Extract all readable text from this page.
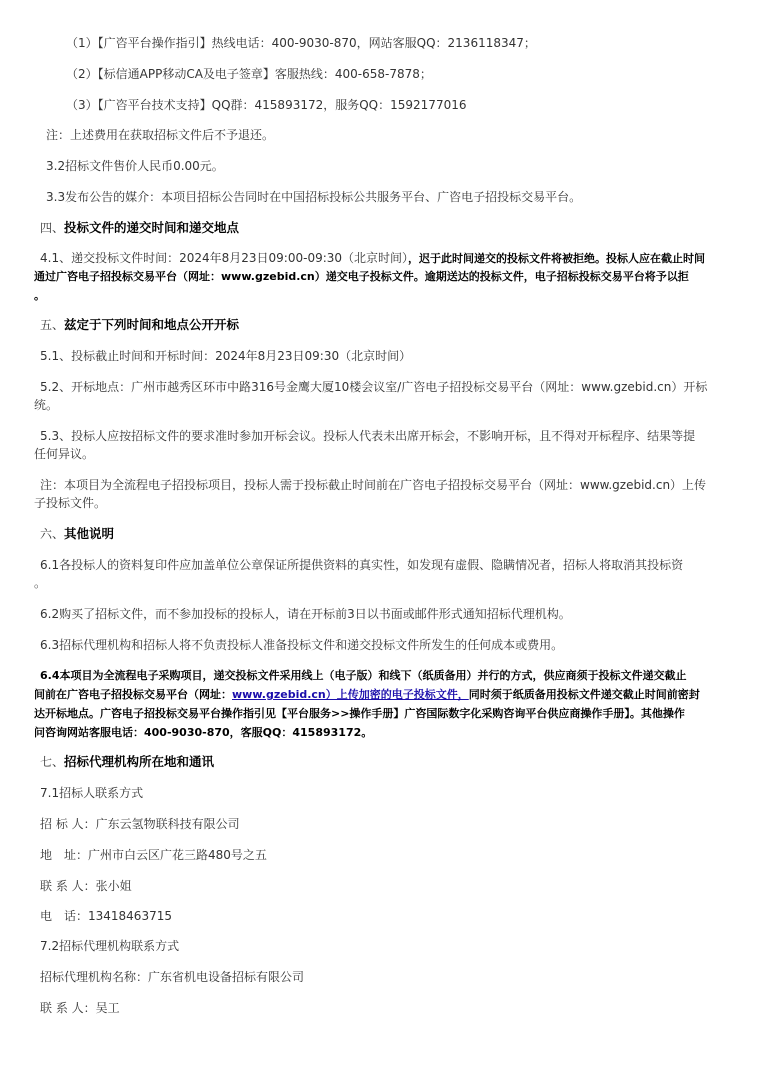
（1）【广咨平台操作指引】热线电话：400-9030-870，网站客服QQ：2136118347；
（2）【标信通APP移动CA及电子签章】客服热线：400-658-7878；
（3）【广咨平台技术支持】QQ群：415893172，服务QQ：1592177016
注：上述费用在获取招标文件后不予退还。
3.2招标文件售价人民币0.00元。
3.3发布公告的媒介：本项目招标公告同时在中国招标投标公共服务平台、广咨电子招投标交易平台。
四、投标文件的递交时间和递交地点
4.1、递交投标文件时间：2024年8月23日09:00-09:30（北京时间），迟于此时间递交的投标文件将被拒绝。投标人应在截止时间
通过广咨电子招投标交易平台（网址：www.gzebid.cn）递交电子投标文件。逾期送达的投标文件，电子招标投标交易平台将予以拒
。
五、兹定于下列时间和地点公开开标
5.1、投标截止时间和开标时间：2024年8月23日09:30（北京时间）
5.2、开标地点：广州市越秀区环市中路316号金鹰大厦10楼会议室/广咨电子招投标交易平台（网址：www.gzebid.cn）开标
统。
5.3、投标人应按招标文件的要求准时参加开标会议。投标人代表未出席开标会，不影响开标，且不得对开标程序、结果等提
任何异议。
注：本项目为全流程电子招投标项目，投标人需于投标截止时间前在广咨电子招投标交易平台（网址：www.gzebid.cn）上传
子投标文件。
六、其他说明
6.1各投标人的资料复印件应加盖单位公章保证所提供资料的真实性，如发现有虚假、隐瞒情况者，招标人将取消其投标资
。
6.2购买了招标文件，而不参加投标的投标人，请在开标前3日以书面或邮件形式通知招标代理机构。
6.3招标代理机构和招标人将不负责投标人准备投标文件和递交投标文件所发生的任何成本或费用。
6.4本项目为全流程电子采购项目，递交投标文件采用线上（电子版）和线下（纸质备用）并行的方式，供应商须于投标文件递交截止
间前在广咨电子招投标交易平台（网址：www.gzebid.cn）上传加密的电子投标文件，同时须于纸质备用投标文件递交截止时间前密封
达开标地点。广咨电子招投标交易平台操作指引见【平台服务>>操作手册】广咨国际数字化采购咨询平台供应商操作手册】。其他操作
问咨询网站客服电话：400-9030-870，客服QQ：415893172。
七、招标代理机构所在地和通讯
7.1招标人联系方式
招 标 人：广东云氢物联科技有限公司
地　址：广州市白云区广花三路480号之五
联 系 人：张小姐
电　话：13418463715
7.2招标代理机构联系方式
招标代理机构名称：广东省机电设备招标有限公司
联 系 人：吴工
